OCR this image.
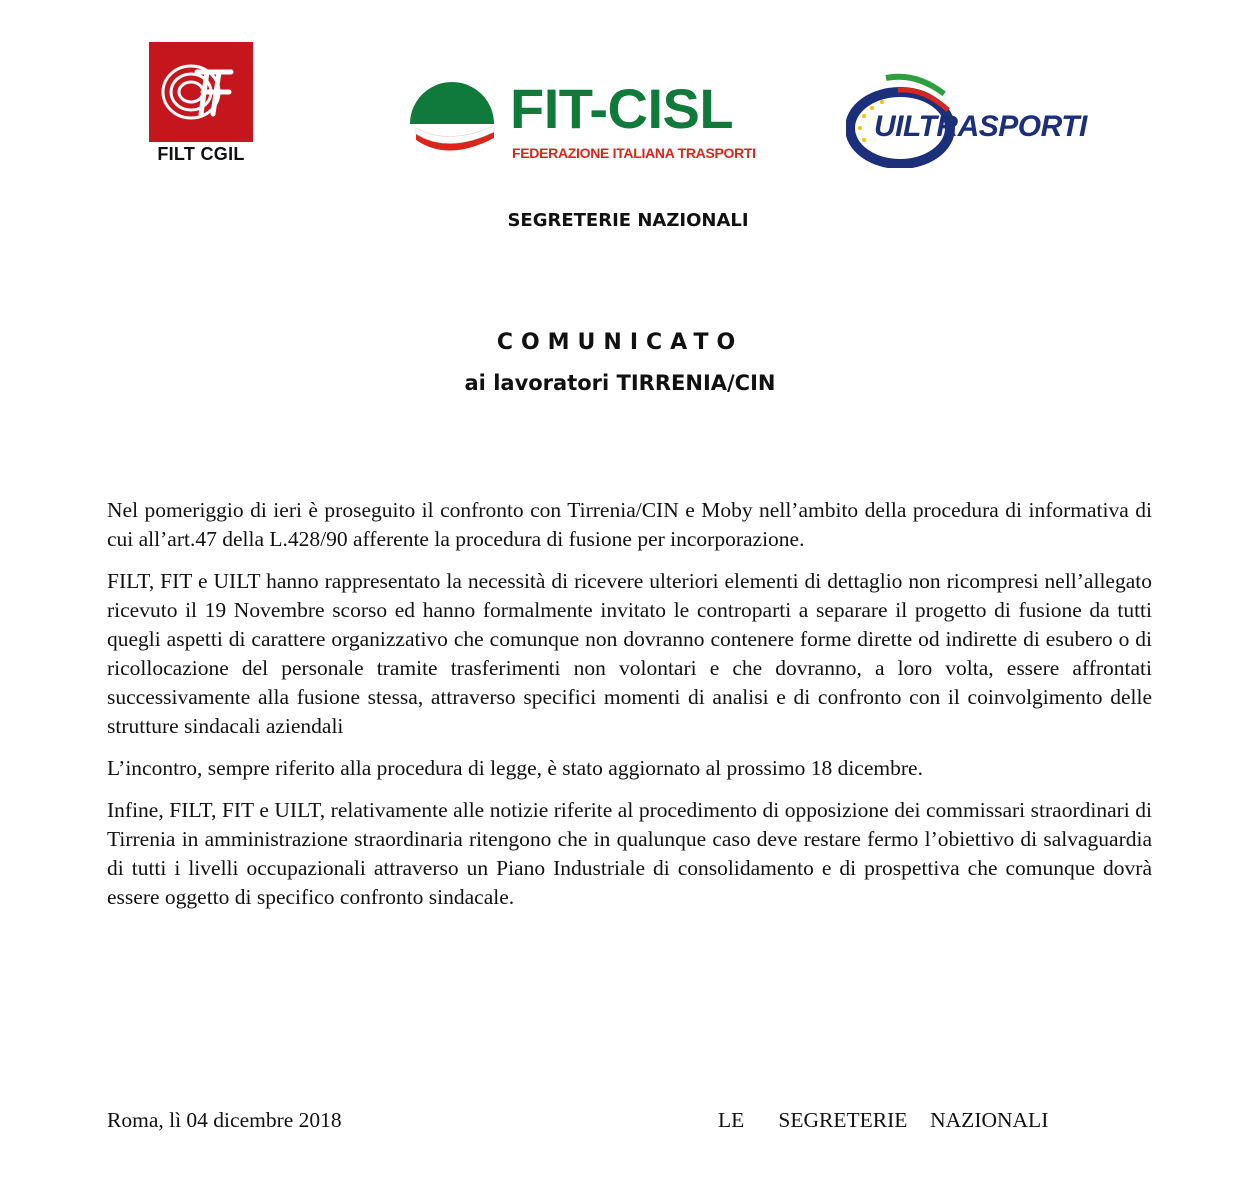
FILT CGIL
FIT-CISL
FEDERAZIONE ITALIANA TRASPORTI
UILTRASPORTI
SEGRETERIE NAZIONALI
COMUNICATO
ai lavoratori TIRRENIA/CIN

Nel pomeriggio di ieri è proseguito il confronto con Tirrenia/CIN e Moby nell’ambito della procedura di informativa di cui all’art.47 della L.428/90 afferente la procedura di fusione per incorporazione.

FILT, FIT e UILT hanno rappresentato la necessità di ricevere ulteriori elementi di dettaglio non ricompresi nell’allegato ricevuto il 19 Novembre scorso ed hanno formalmente invitato le controparti a separare il progetto di fusione da tutti quegli aspetti di carattere organizzativo che comunque non dovranno contenere forme dirette od indirette di esubero o di ricollocazione del personale tramite trasferimenti non volontari e che dovranno, a loro volta, essere affrontati successivamente alla fusione stessa, attraverso specifici momenti di analisi e di confronto con il coinvolgimento delle strutture sindacali aziendali

L’incontro, sempre riferito alla procedura di legge, è stato aggiornato al prossimo 18 dicembre.

Infine, FILT, FIT e UILT, relativamente alle notizie riferite al procedimento di opposizione dei commissari straordinari di Tirrenia in amministrazione straordinaria ritengono che in qualunque caso deve restare fermo l’obiettivo di salvaguardia di tutti i livelli occupazionali attraverso un Piano Industriale di consolidamento e di prospettiva che comunque dovrà essere oggetto di specifico confronto sindacale.

Roma, lì 04 dicembre 2018	LE   SEGRETERIE  NAZIONALI
